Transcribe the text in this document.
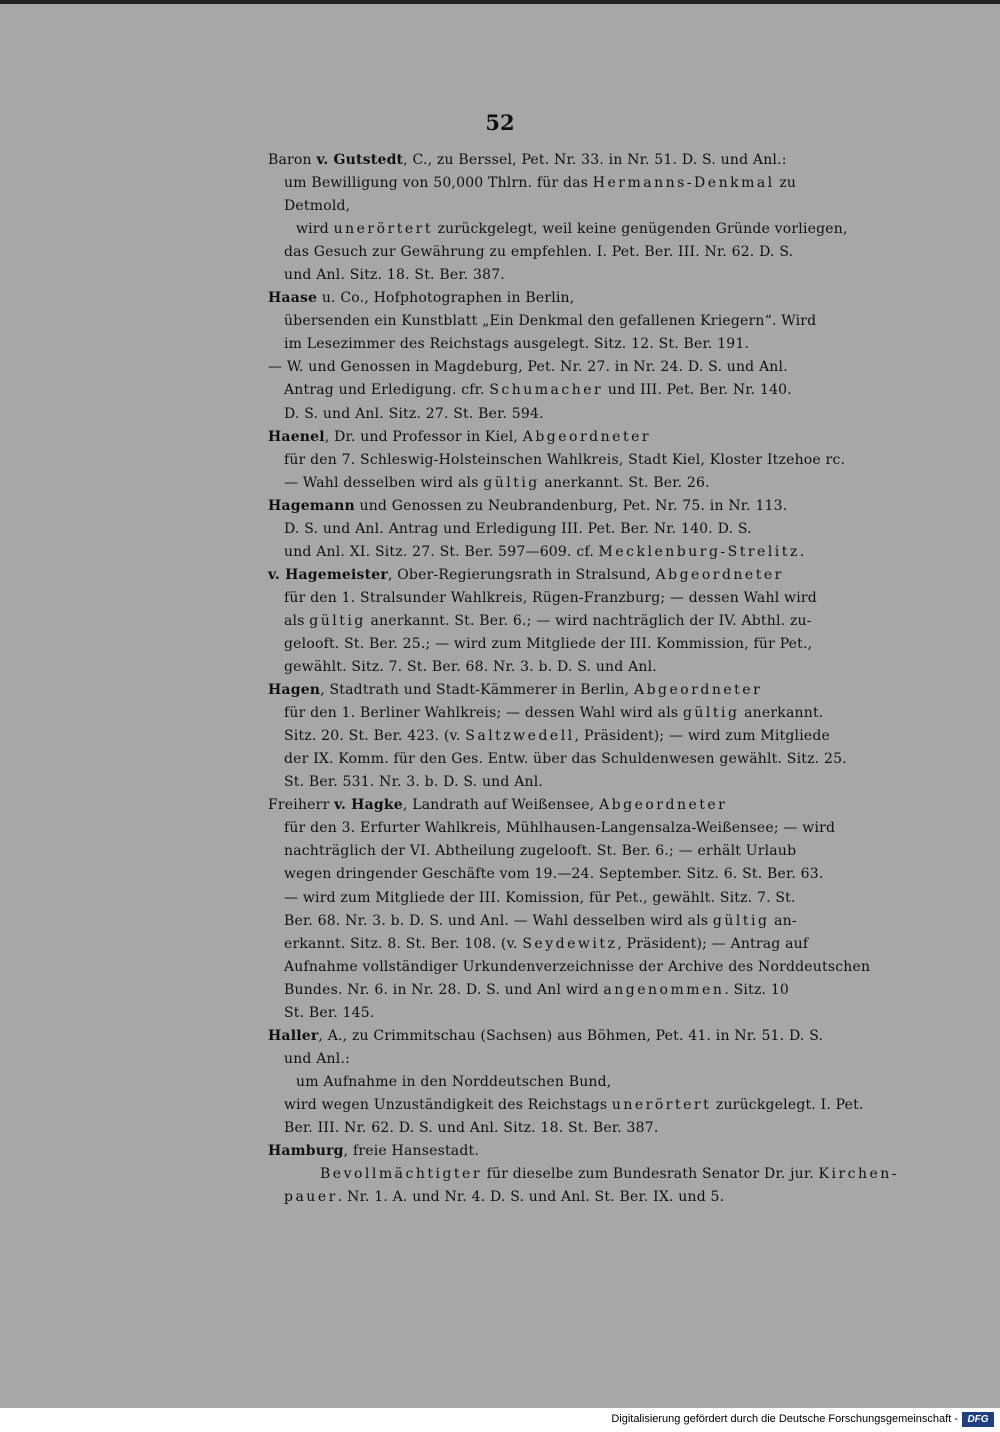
52
Baron v. Gutstedt, C., zu Berssel, Pet. Nr. 33. in Nr. 51. D. S. und Anl.:
um Bewilligung von 50,000 Thlrn. für das Hermanns-Denkmal zu
Detmold,
wird unerörtert zurückgelegt, weil keine genügenden Gründe vorliegen,
das Gesuch zur Gewährung zu empfehlen. I. Pet. Ber. III. Nr. 62. D. S.
und Anl. Sitz. 18. St. Ber. 387.
Haase u. Co., Hofphotographen in Berlin,
übersenden ein Kunstblatt „Ein Denkmal den gefallenen Kriegern“. Wird
im Lesezimmer des Reichstags ausgelegt. Sitz. 12. St. Ber. 191.
— W. und Genossen in Magdeburg, Pet. Nr. 27. in Nr. 24. D. S. und Anl.
Antrag und Erledigung. cfr. Schumacher und III. Pet. Ber. Nr. 140.
D. S. und Anl. Sitz. 27. St. Ber. 594.
Haenel, Dr. und Professor in Kiel, Abgeordneter
für den 7. Schleswig-Holsteinschen Wahlkreis, Stadt Kiel, Kloster Itzehoe rc.
— Wahl desselben wird als gültig anerkannt. St. Ber. 26.
Hagemann und Genossen zu Neubrandenburg, Pet. Nr. 75. in Nr. 113.
D. S. und Anl. Antrag und Erledigung III. Pet. Ber. Nr. 140. D. S.
und Anl. XI. Sitz. 27. St. Ber. 597—609. cf. Mecklenburg-Strelitz.
v. Hagemeister, Ober-Regierungsrath in Stralsund, Abgeordneter
für den 1. Stralsunder Wahlkreis, Rügen-Franzburg; — dessen Wahl wird
als gültig anerkannt. St. Ber. 6.; — wird nachträglich der IV. Abthl. zu-
gelooft. St. Ber. 25.; — wird zum Mitgliede der III. Kommission, für Pet.,
gewählt. Sitz. 7. St. Ber. 68. Nr. 3. b. D. S. und Anl.
Hagen, Stadtrath und Stadt-Kämmerer in Berlin, Abgeordneter
für den 1. Berliner Wahlkreis; — dessen Wahl wird als gültig anerkannt.
Sitz. 20. St. Ber. 423. (v. Saltzwedell, Präsident); — wird zum Mitgliede
der IX. Komm. für den Ges. Entw. über das Schuldenwesen gewählt. Sitz. 25.
St. Ber. 531. Nr. 3. b. D. S. und Anl.
Freiherr v. Hagke, Landrath auf Weißensee, Abgeordneter
für den 3. Erfurter Wahlkreis, Mühlhausen-Langensalza-Weißensee; — wird
nachträglich der VI. Abtheilung zugelooft. St. Ber. 6.; — erhält Urlaub
wegen dringender Geschäfte vom 19.—24. September. Sitz. 6. St. Ber. 63.
— wird zum Mitgliede der III. Komission, für Pet., gewählt. Sitz. 7. St.
Ber. 68. Nr. 3. b. D. S. und Anl. — Wahl desselben wird als gültig an-
erkannt. Sitz. 8. St. Ber. 108. (v. Seydewitz, Präsident); — Antrag auf
Aufnahme vollständiger Urkundenverzeichnisse der Archive des Norddeutschen
Bundes. Nr. 6. in Nr. 28. D. S. und Anl wird angenommen. Sitz. 10
St. Ber. 145.
Haller, A., zu Crimmitschau (Sachsen) aus Böhmen, Pet. 41. in Nr. 51. D. S.
und Anl.:
um Aufnahme in den Norddeutschen Bund,
wird wegen Unzuständigkeit des Reichstags unerörtert zurückgelegt. I. Pet.
Ber. III. Nr. 62. D. S. und Anl. Sitz. 18. St. Ber. 387.
Hamburg, freie Hansestadt.
Bevollmächtigter für dieselbe zum Bundesrath Senator Dr. jur. Kirchen-
pauer. Nr. 1. A. und Nr. 4. D. S. und Anl. St. Ber. IX. und 5.
Digitalisierung gefördert durch die Deutsche Forschungsgemeinschaft - DFG
